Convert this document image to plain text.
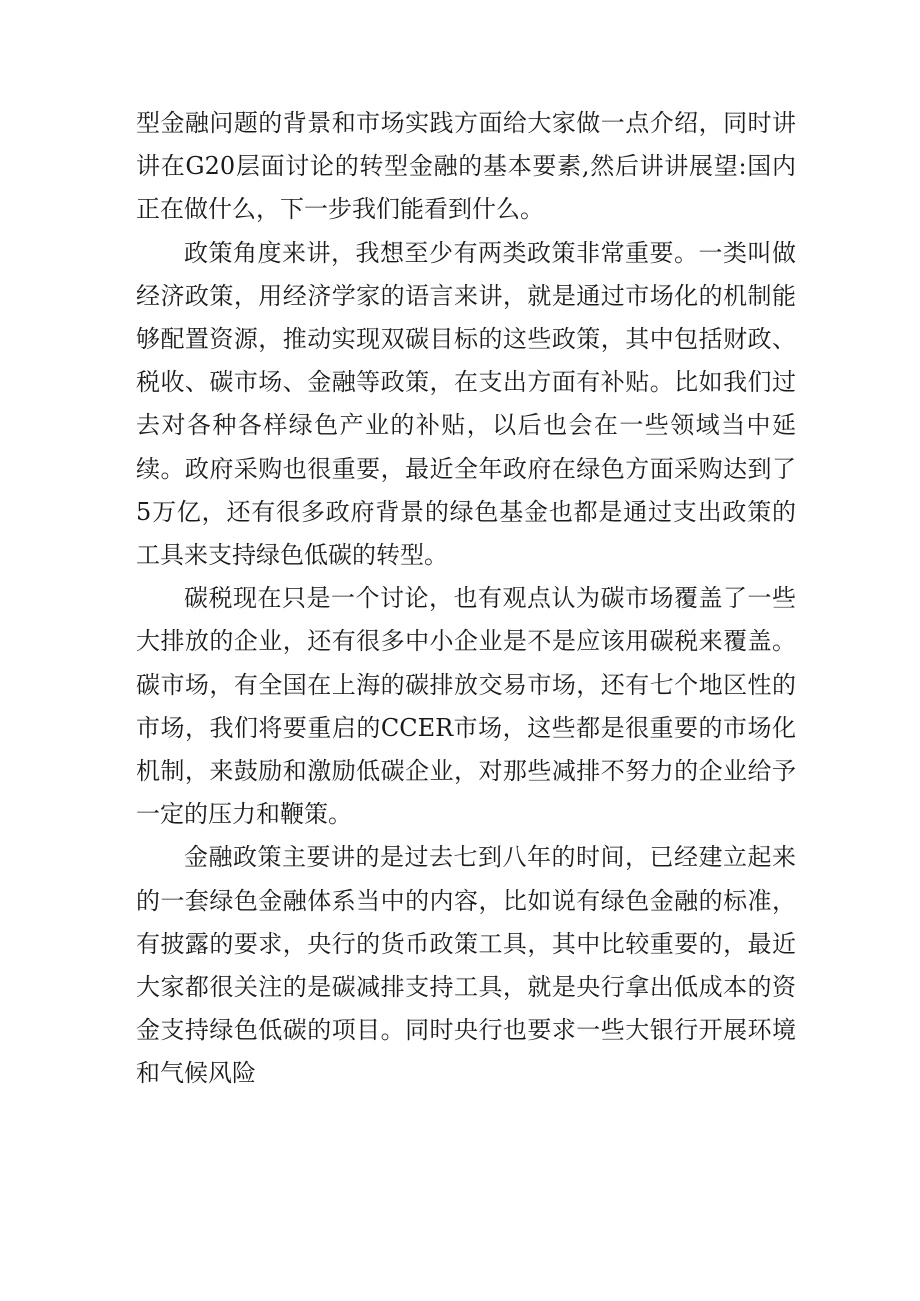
型金融问题的背景和市场实践方面给大家做一点介绍，同时讲讲在G20层面讨论的转型金融的基本要素,然后讲讲展望:国内正在做什么，下一步我们能看到什么。

政策角度来讲，我想至少有两类政策非常重要。一类叫做经济政策，用经济学家的语言来讲，就是通过市场化的机制能够配置资源，推动实现双碳目标的这些政策，其中包括财政、税收、碳市场、金融等政策，在支出方面有补贴。比如我们过去对各种各样绿色产业的补贴，以后也会在一些领域当中延续。政府采购也很重要，最近全年政府在绿色方面采购达到了5万亿，还有很多政府背景的绿色基金也都是通过支出政策的工具来支持绿色低碳的转型。

碳税现在只是一个讨论，也有观点认为碳市场覆盖了一些大排放的企业，还有很多中小企业是不是应该用碳税来覆盖。碳市场，有全国在上海的碳排放交易市场，还有七个地区性的市场，我们将要重启的CCER市场，这些都是很重要的市场化机制，来鼓励和激励低碳企业，对那些减排不努力的企业给予一定的压力和鞭策。

金融政策主要讲的是过去七到八年的时间，已经建立起来的一套绿色金融体系当中的内容，比如说有绿色金融的标准，有披露的要求，央行的货币政策工具，其中比较重要的，最近大家都很关注的是碳减排支持工具，就是央行拿出低成本的资金支持绿色低碳的项目。同时央行也要求一些大银行开展环境和气候风险
